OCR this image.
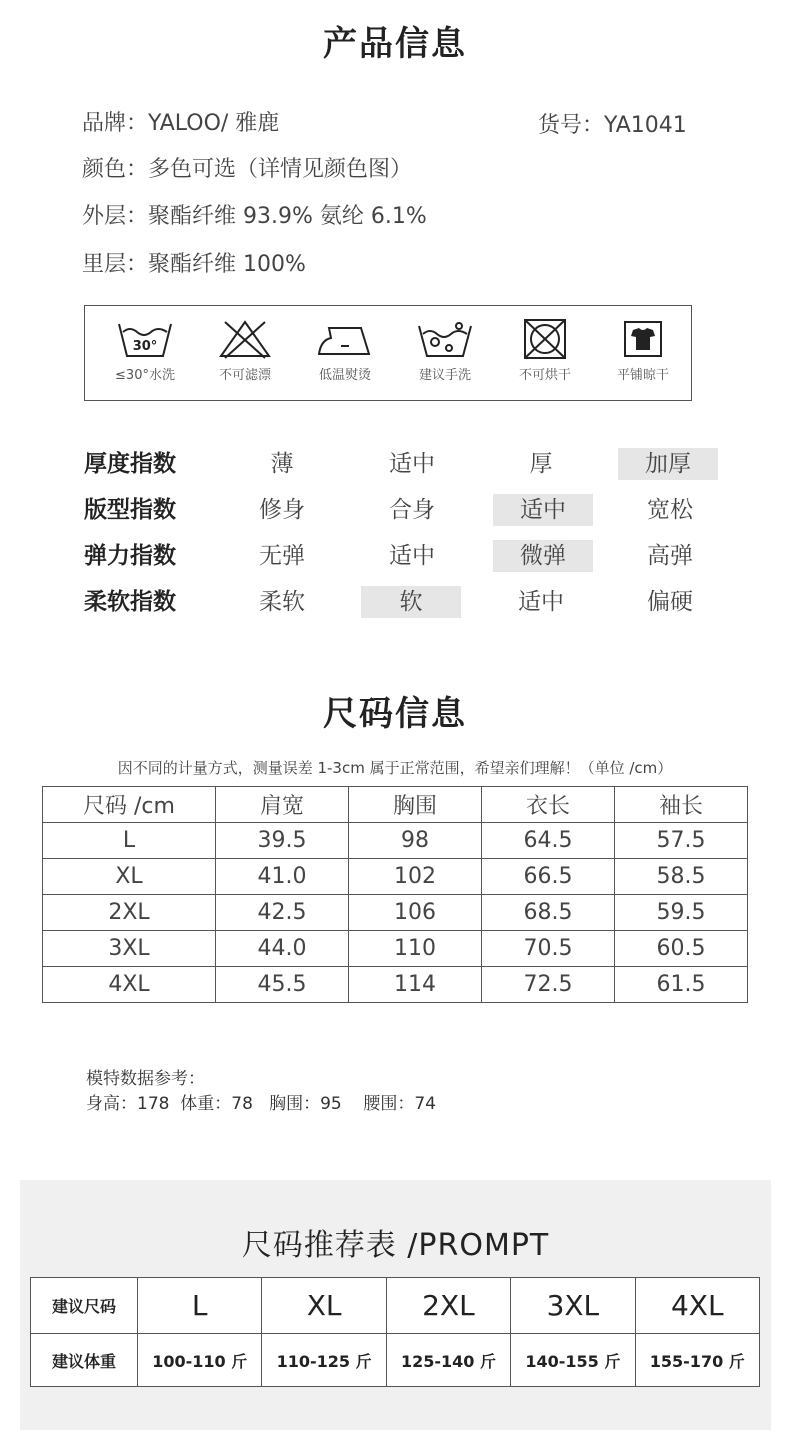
产品信息
品牌：YALOO/ 雅鹿	货号：YA1041
颜色：多色可选（详情见颜色图）
外层：聚酯纤维 93.9% 氨纶 6.1%
里层：聚酯纤维 100%
30°
≤30°水洗	不可滤漂	低温熨烫	建议手洗	不可烘干	平铺晾干
厚度指数	薄	适中	厚	加厚
版型指数	修身	合身	适中	宽松
弹力指数	无弹	适中	微弹	高弹
柔软指数	柔软	软	适中	偏硬
尺码信息
因不同的计量方式，测量误差 1-3cm 属于正常范围，希望亲们理解！（单位 /cm）
尺码 /cm	肩宽	胸围	衣长	袖长
L	39.5	98	64.5	57.5
XL	41.0	102	66.5	58.5
2XL	42.5	106	68.5	59.5
3XL	44.0	110	70.5	60.5
4XL	45.5	114	72.5	61.5
模特数据参考：
身高：178  体重：78   胸围：95    腰围：74
尺码推荐表 /PROMPT
建议尺码	L	XL	2XL	3XL	4XL
建议体重	100-110 斤	110-125 斤	125-140 斤	140-155 斤	155-170 斤
